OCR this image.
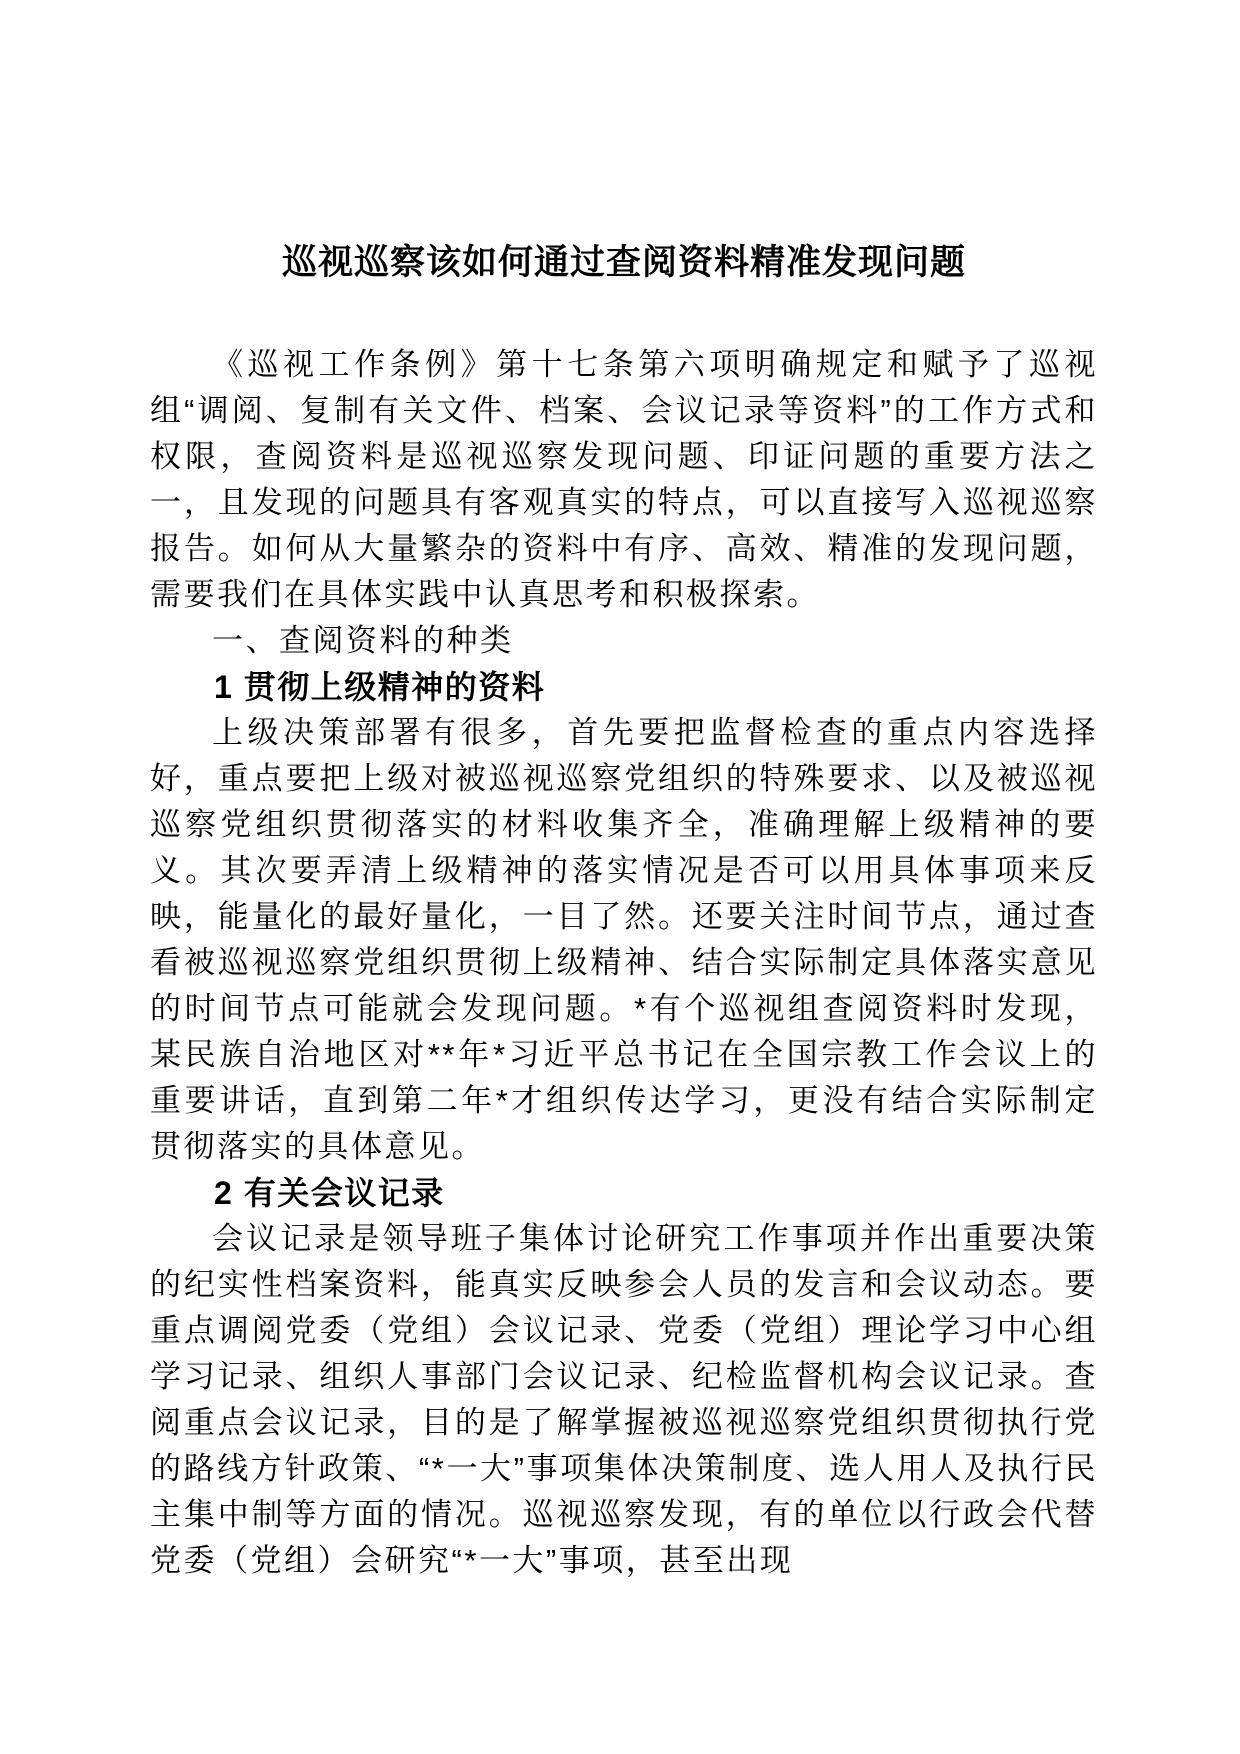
巡视巡察该如何通过查阅资料精准发现问题

《巡视工作条例》第十七条第六项明确规定和赋予了巡视组“调阅、复制有关文件、档案、会议记录等资料”的工作方式和权限，查阅资料是巡视巡察发现问题、印证问题的重要方法之一，且发现的问题具有客观真实的特点，可以直接写入巡视巡察报告。如何从大量繁杂的资料中有序、高效、精准的发现问题，需要我们在具体实践中认真思考和积极探索。

一、查阅资料的种类

1 贯彻上级精神的资料

上级决策部署有很多，首先要把监督检查的重点内容选择好，重点要把上级对被巡视巡察党组织的特殊要求、以及被巡视巡察党组织贯彻落实的材料收集齐全，准确理解上级精神的要义。其次要弄清上级精神的落实情况是否可以用具体事项来反映，能量化的最好量化，一目了然。还要关注时间节点，通过查看被巡视巡察党组织贯彻上级精神、结合实际制定具体落实意见的时间节点可能就会发现问题。*有个巡视组查阅资料时发现，某民族自治地区对**年*习近平总书记在全国宗教工作会议上的重要讲话，直到第二年*才组织传达学习，更没有结合实际制定贯彻落实的具体意见。

2 有关会议记录

会议记录是领导班子集体讨论研究工作事项并作出重要决策的纪实性档案资料，能真实反映参会人员的发言和会议动态。要重点调阅党委（党组）会议记录、党委（党组）理论学习中心组学习记录、组织人事部门会议记录、纪检监督机构会议记录。查阅重点会议记录，目的是了解掌握被巡视巡察党组织贯彻执行党的路线方针政策、“*一大”事项集体决策制度、选人用人及执行民主集中制等方面的情况。巡视巡察发现，有的单位以行政会代替党委（党组）会研究“*一大”事项，甚至出现
